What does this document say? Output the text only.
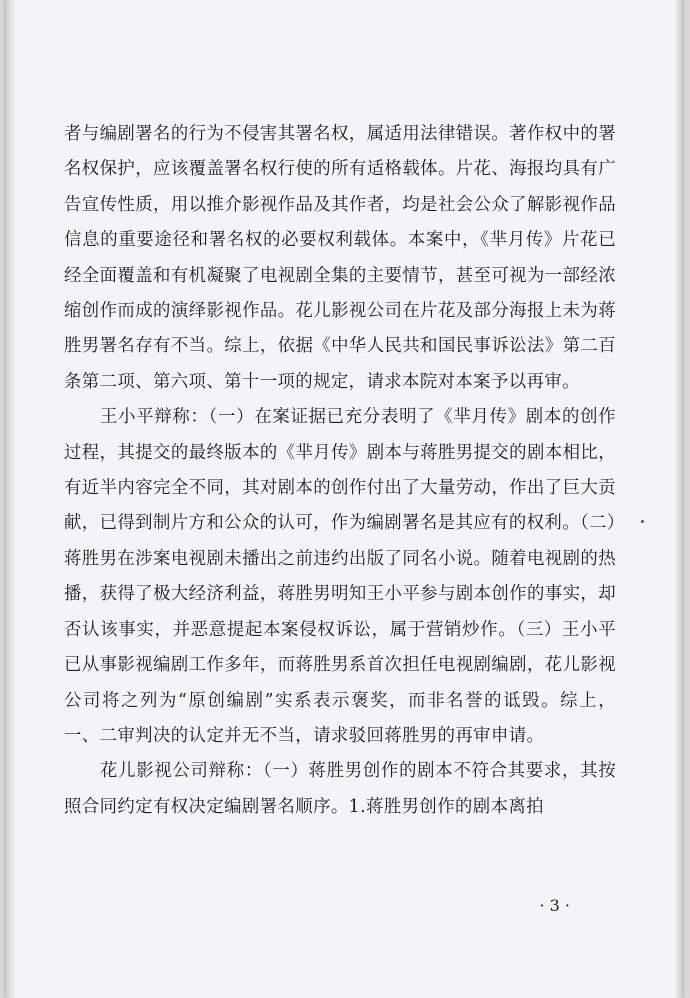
者与编剧署名的行为不侵害其署名权，属适用法律错误。著作权中的署名权保护，应该覆盖署名权行使的所有适格载体。片花、海报均具有广告宣传性质，用以推介影视作品及其作者，均是社会公众了解影视作品信息的重要途径和署名权的必要权利载体。本案中，《芈月传》片花已经全面覆盖和有机凝聚了电视剧全集的主要情节，甚至可视为一部经浓缩创作而成的演绎影视作品。花儿影视公司在片花及部分海报上未为蒋胜男署名存有不当。综上，依据《中华人民共和国民事诉讼法》第二百条第二项、第六项、第十一项的规定，请求本院对本案予以再审。

王小平辩称：（一）在案证据已充分表明了《芈月传》剧本的创作过程，其提交的最终版本的《芈月传》剧本与蒋胜男提交的剧本相比，有近半内容完全不同，其对剧本的创作付出了大量劳动，作出了巨大贡献，已得到制片方和公众的认可，作为编剧署名是其应有的权利。（二）蒋胜男在涉案电视剧未播出之前违约出版了同名小说。随着电视剧的热播，获得了极大经济利益，蒋胜男明知王小平参与剧本创作的事实，却否认该事实，并恶意提起本案侵权诉讼，属于营销炒作。（三）王小平已从事影视编剧工作多年，而蒋胜男系首次担任电视剧编剧，花儿影视公司将之列为“原创编剧”实系表示褒奖，而非名誉的诋毁。综上，一、二审判决的认定并无不当，请求驳回蒋胜男的再审申请。

花儿影视公司辩称：（一）蒋胜男创作的剧本不符合其要求，其按照合同约定有权决定编剧署名顺序。1.蒋胜男创作的剧本离拍

· 3 ·
